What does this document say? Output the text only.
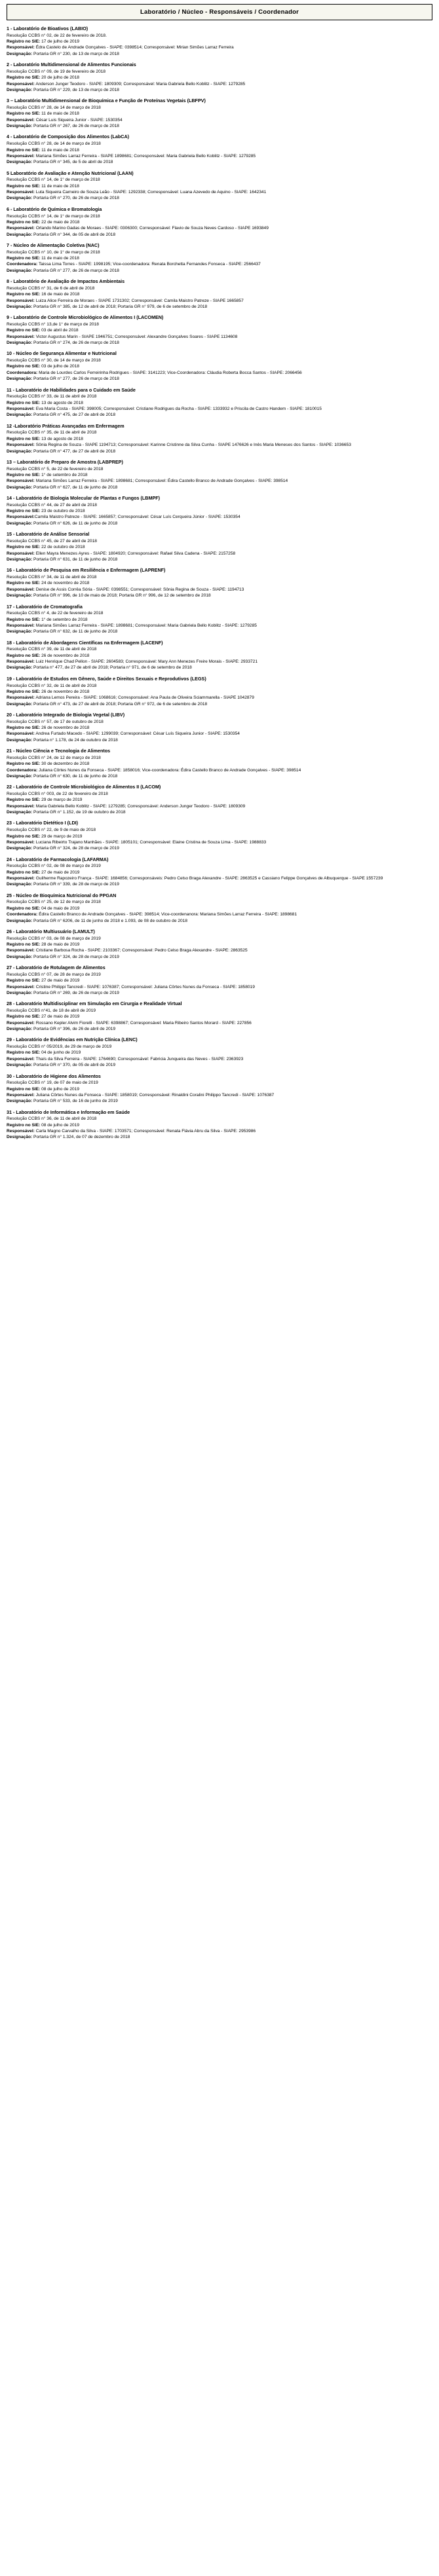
Laboratório / Núcleo - Responsáveis / Coordenador
1 - Laboratório de Bioativos (LABIO)
Resolução CCBS n° 02, de 22 de fevereiro de 2018.
Registro no SIE: 17 de julho de 2019
Responsável: Édra Castelo de Andrade Gonçalves - SIAPE: 0398514; Corresponsável: Mirian Simões Larraz Ferreira
Designação: Portaria GR n° 230, de 13 de março de 2018
2 - Laboratório Multidimensional de Alimentos Funcionais
Resolução CCBS n° 09, de 19 de fevereiro de 2018
Registro no SIE: 20 de julho de 2018
Responsável: Anderson Junger Teodoro - SIAPE: 1809309; Corresponsável: Maria Gabriela Bello Koblitz - SIAPE: 1279285
Designação: Portaria GR n° 229, de 13 de março de 2018
3 – Laboratório Multidimensional de Bioquímica e Função de Proteínas Vegetais (LBFPV)
Resolução CCBS n° 28, de 14 de março de 2018
Registro no SIE: 11 de maio de 2018
Responsável: César Luis Siqueira Junior - SIAPE: 1530354
Designação: Portaria GR n° 267, de 26 de março de 2018
4 - Laboratório de Composição dos Alimentos (LabCA)
Resolução CCBS n° 28, de 14 de março de 2018
Registro no SIE: 11 de maio de 2018
Responsável: Mariana Simões Larraz Ferreira - SIAPE 1898681; Corresponsável: Maria Gabriela Bello Koblitz - SIAPE: 1279285
Designação: Portaria GR n° 345, de 5 de abril de 2018
5 Laboratório de Avaliação e Atenção Nutricional (LAAN)
Resolução CCBS n° 14, de 1° de março de 2018
Registro no SIE: 11 de maio de 2018
Responsável: Luta Siqueira Carneiro de Souza Leão - SIAPE: 1292338; Corresponsável: Luana Azevedo de Aquino - SIAPE: 1642341
Designação: Portaria GR n° 270, de 26 de março de 2018
6 - Laboratório de Química e Bromatologia
Resolução CCBS n° 14, de 1° de março de 2018
Registro no SIE: 22 de maio de 2018
Responsável: Orlando Marino Gadas de Moraes - SIAPE: 0306300; Corresponsável: Flavio de Souza Neves Cardoso - SIAPE 1693849
Designação: Portaria GR n° 344, de 05 de abril de 2018
7 - Núcleo de Alimentação Coletiva (NAC)
Resolução CCBS n° 10, de 1° de março de 2018
Registro no SIE: 11 de maio de 2018
Coordenadora: Taissa Lima Torres - SIAPE: 1998195; Vice-coordenadora: Renata Borchetta Fernandes Fonseca - SIAPE: 2566437
Designação: Portaria GR n° 277, de 26 de março de 2018
8 - Laboratório de Avaliação de Impactos Ambientais
Resolução CCBS n° 31, de 6 de abril de 2018
Registro no SIE: 16 de maio de 2018
Responsável: Luiza Alice Ferreira de Moraes - SIAPE 1731302; Corresponsável: Camila Maistro Patreze - SIAPE 1665857
Designação: Portaria GR n° 385, de 12 de abril de 2018; Portaria GR n° 979, de 6 de setembro de 2018
9 - Laboratório de Controle Microbiológico de Alimentos I (LACOMEN)
Resolução CCBS n° 13,de 1° de março de 2018
Registro no SIE: 03 de abril de 2018
Responsável: Victor Augustus Marin - SIAPE 1946751; Corresponsável: Alexandre Gonçalves Soares - SIAPE 1134608
Designação: Portaria GR n° 274, de 26 de março de 2018
10 - Núcleo de Segurança Alimentar e Nutricional
Resolução CCBS n° 30, de 14 de março de 2018
Registro no SIE: 03 de julho de 2018
Coordenadora: Maria de Lourdes Carlos Ferreirinha Rodrigues - SIAPE: 3141223; Vice-Coordenadora: Cláudia Roberta Bocca Santos - SIAPE: 2066456
Designação: Portaria GR n° 277, de 26 de março de 2018
11 - Laboratório de Habilidades para o Cuidado em Saúde
Resolução CCBS n° 33, de 11 de abril de 2018
Registro no SIE: 13 de agosto de 2018
Responsável: Eva Maria Costa - SIAPE: 398005; Corresponsável: Cristiane Rodrigues da Rocha - SIAPE: 1333932 e Priscila de Castro Handem - SIAPE: 1810015
Designação: Portaria GR n° 475, de 27 de abril de 2018
12 -Laboratório Práticas Avançadas em Enfermagem
Resolução CCBS n° 35, de 11 de abril de 2018
Registro no SIE: 13 de agosto de 2018
Responsável: Sônia Regina de Souza - SIAPE 1194713; Corresponsável: Karinne Cristinne da Silva Cunha - SIAPE 1476626 e Inês Maria Meneses dos Santos - SIAPE: 1036653
Designação: Portaria GR n° 477, de 27 de abril de 2018
13 – Laboratório de Preparo de Amostra (LABPREP)
Resolução CCBS n° 5, de 22 de fevereiro de 2018
Registro no SIE: 1° de setembro de 2018
Responsável: Mariana Simões Larraz Ferreira - SIAPE: 1898681; Corresponsável: Édira Castello Branco de Andrade Gonçalves - SIAPE: 398514
Designação: Portaria GR n° 627, de 11 de junho de 2018
14 - Laboratório de Biologia Molecular de Plantas e Fungos (LBMPF)
Resolução CCBS n° 44, de 27 de abril de 2018
Registro no SIE: 23 de outubro de 2018
Responsável:Camila Maistro Patreze - SIAPE: 1665857; Corresponsável: César Luís Cerqueira Júnior - SIAPE: 1530354
Designação: Portaria GR n° 626, de 11 de junho de 2018
15 - Laboratório de Análise Sensorial
Resolução CCBS n° 45, de 27 de abril de 2018
Registro no SIE: 22 de outubro de 2018
Responsável: Ellen Mayra Menezes Ayres - SIAPE: 1804920; Corresponsável: Rafael Silva Cadena - SIAPE: 2157258
Designação: Portaria GR n° 631, de 11 de junho de 2018
16 - Laboratório de Pesquisa em Resiliência e Enfermagem (LAPRENF)
Resolução CCBS n° 34, de 11 de abril de 2018
Registro no SIE: 24 de novembro de 2018
Responsável: Denise de Assis Corrêa Sória - SIAPE: 0398551; Corresponsável: Sônia Regina de Souza - SIAPE: 1194713
Designação: Portaria GR n° 996, de 10 de maio de 2018; Portaria GR n° 996, de 12 de setembro de 2018
17 - Laboratório de Cromatografia
Resolução CCBS n° 4, de 22 de fevereiro de 2018
Registro no SIE: 1° de setembro de 2018
Responsável: Mariana Simões Larraz Ferreira - SIAPE: 1898681; Corresponsável: Maria Gabriela Bello Koblitz - SIAPE: 1279285
Designação: Portaria GR n° 632, de 11 de junho de 2018
18 - Laboratório de Abordagens Científicas na Enfermagem (LACENF)
Resolução CCBS n° 39, de 11 de abril de 2018
Registro no SIE: 26 de novembro de 2018
Responsável: Luiz Henrique Chad Pellon - SIAPE: 2604583; Corresponsável: Mary Ann Menezes Freire Morais - SIAPE: 2933721
Designação: Portaria n° 477, de 27 de abril de 2018; Portaria n° 971, de 6 de setembro de 2018
19 - Laboratório de Estudos em Gênero, Saúde e Direitos Sexuais e Reprodutivos (LEGS)
Resolução CCBS n° 32, de 11 de abril de 2018
Registro no SIE: 26 de novembro de 2018
Responsável: Adriana Lemos Pereira - SIAPE: 1068616; Corresponsável: Ana Paula de Oliveira Sciammarella - SIAPE 1042879
Designação: Portaria GR n° 473, de 27 de abril de 2018; Portaria GR n° 972, de 6 de setembro de 2018
20 - Laboratório Integrado de Biologia Vegetal (LIBV)
Resolução CCBS n° 57, de 17 de outubro de 2018
Registro no SIE: 26 de novembro de 2018
Responsável: Andrea Furtado Macedo - SIAPE: 1299039; Corresponsável: César Luís Siqueira Junior - SIAPE: 1530354
Designação: Portaria n° 1.178, de 24 de outubro de 2018
21 - Núcleo Ciência e Tecnologia de Alimentos
Resolução CCBS n° 24, de 12 de março de 2018
Registro no SIE: 30 de dezembro de 2018
Coordenadora: Juliana Côrtes Nunes da Fonseca - SIAPE: 1858016; Vice-coordenadora: Édira Castello Branco de Andrade Gonçalves - SIAPE: 398514
Designação: Portaria GR n° 630, de 11 de junho de 2018
22 - Laboratório de Controle Microbiológico de Alimentos II (LACOM)
Resolução CCBS n° 003, de 22 de fevereiro de 2018
Registro no SIE: 29 de março de 2019
Responsável: Maria Gabriela Bello Koblitz - SIAPE: 1279285; Corresponsável: Anderson Junger Teodoro - SIAPE: 1809309
Designação: Portaria GR n° 1.152, de 19 de outubro de 2018
23 - Laboratório Dietético I (LDI)
Resolução CCBS n° 22, de 9 de maio de 2018
Registro no SIE: 29 de março de 2019
Responsável: Luciana Ribeirto Trajano Manhães - SIAPE: 1805101; Corresponsável: Elaine Cristina de Souza Lima - SIAPE: 1988833
Designação: Portaria GR n° 324, de 28 de março de 2019
24 - Laboratório de Farmacologia (LAFARMA)
Resolução CCBS n° 02, de 08 de março de 2019
Registro no SIE: 27 de maio de 2019
Responsável: Guilherme Rapozeiro França - SIAPE: 1684856; Corresponsáveis: Pedro Celso Braga Alexandre - SIAPE: 2863525 e Cassiano Felippe Gonçalves de Albuquerque - SIAPE 1557239
Designação: Portaria GR n° 339, de 28 de março de 2019
25 - Núcleo de Bioquímica Nutricional do PPGAN
Resolução CCBS n° 25, de 12 de março de 2018
Registro no SIE: 04 de maio de 2019
Coordenadora: Édira Castello Branco de Andrade Gonçalves - SIAPE: 398514; Vice-coordenanora: Mariana Simões Larraz Ferreira - SIAPE: 1898681
Designação: Portaria GR n° 6206, de 11 de junho de 2018 e 1.093, de 08 de outubro de 2018
26 - Laboratório Multiusuário (LAMULT)
Resolução CCBS n° 03, de 08 de março de 2019
Registro no SIE: 28 de maio de 2019
Responsável: Cristiane Barbosa Rocha - SIAPE: 2103367; Corresponsável: Pedro Celso Braga Alexandre - SIAPE: 2863525
Designação: Portaria GR n° 324, de 28 de março de 2019
27 - Laboratório de Rotulagem de Alimentos
Resolução CCBS n° 07, de 28 de março de 2019
Registro no SIE: 27 de maio de 2019
Responsável: Cristine Philippi Tancredi - SIAPE: 1076387; Corresponsável: Juliana Côrtes Nunes da Fonseca - SIAPE: 1858019
Designação: Portaria GR n° 269, de 26 de março de 2019
28 - Laboratório Multidisciplinar em Simulação em Cirurgia e Realidade Virtual
Resolução CCBS n°41, de 18 de abril de 2019
Registro no SIE: 27 de maio de 2019
Responsável: Rossano Kepler Alvim Fiorelli - SIAPE: 6398867; Corresponsável: Maria Ribeiro Santos Morard - SIAPE: 227856
Designação: Portaria GR n° 396, de 26 de abril de 2019
29 - Laboratório de Evidências em Nutrição Clínica (LENC)
Resolução CCBS n° 05/2019, de 29 de março de 2019
Registro no SIE: 04 de junho de 2019
Responsável: Thaís da Silva Ferreira - SIAPE: 1764690; Corresponsável: Fabricia Junqueira das Neves - SIAPE: 2363923
Designação: Portaria GR n° 370, de 05 de abril de 2019
30 - Laboratório de Higiene dos Alimentos
Resolução CCBS n° 19, de 07 de maio de 2019
Registro no SIE: 08 de julho de 2019
Responsável: Juliana Côrtes Nunes da Fonseca - SIAPE: 1858019; Corresponsável: Rinaldini Coralini Philippo Tancredi - SIAPE: 1076387
Designação: Portaria GR n° 533, de 16 de junho de 2019
31 - Laboratório de Informática e Informação em Saúde
Resolução CCBS n° 36, de 11 de abril de 2018
Registro no SIE: 08 de julho de 2019
Responsável: Carla Magno Carvalho da Silva - SIAPE: 1703571; Corresponsável: Renata Flávia Abru da Silva - SIAPE: 2953986
Designação: Portaria GR n° 1.324, de 07 de dezembro de 2018
